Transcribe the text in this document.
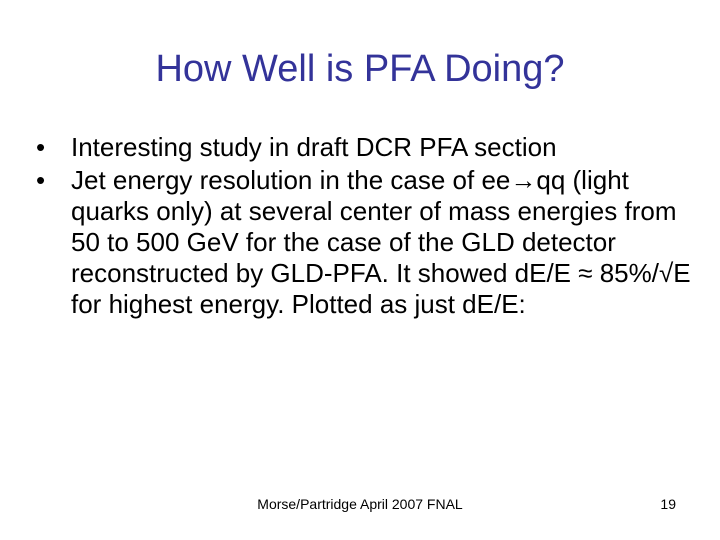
How Well is PFA Doing?
• Interesting study in draft DCR PFA section
• Jet energy resolution in the case of ee→qq (light quarks only) at several center of mass energies from 50 to 500 GeV for the case of the GLD detector reconstructed by GLD-PFA. It showed dE/E ≈ 85%/√E for highest energy. Plotted as just dE/E:
Morse/Partridge April 2007 FNAL	19
